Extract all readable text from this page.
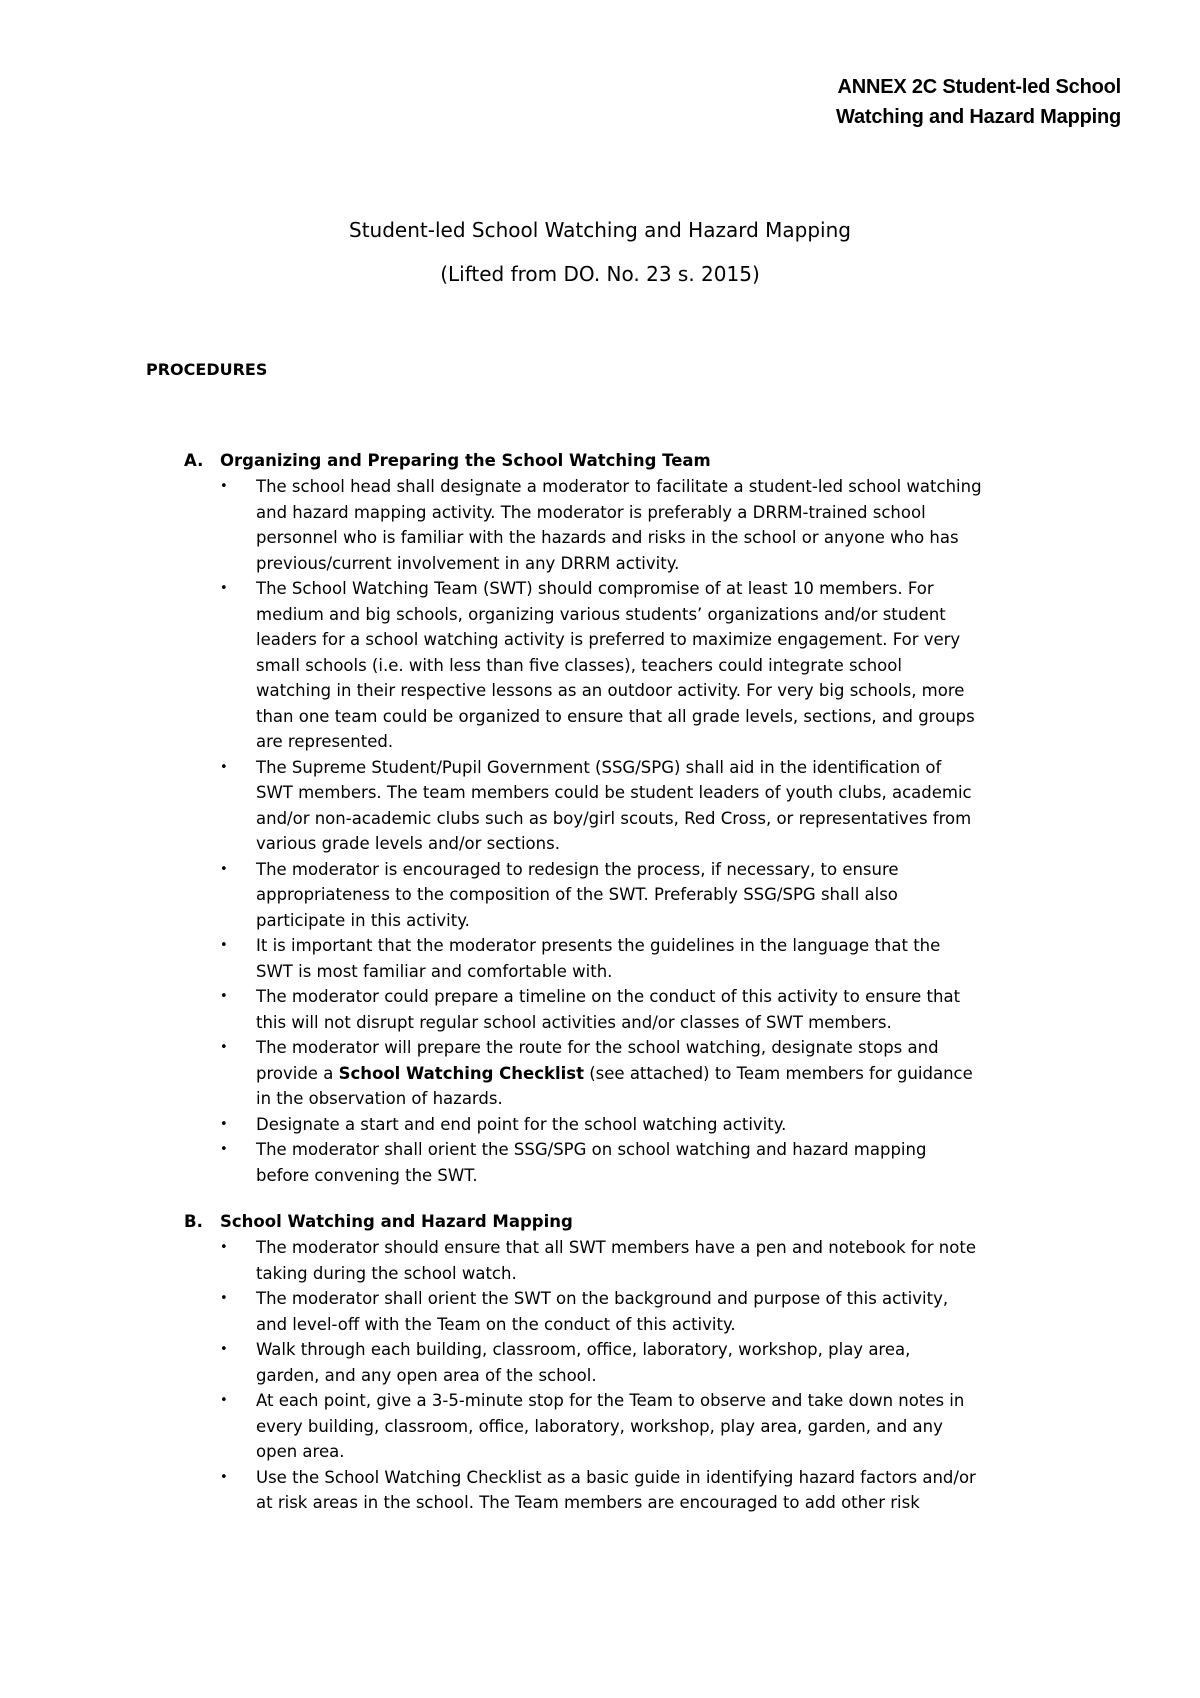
ANNEX 2C Student-led School
Watching and Hazard Mapping
Student-led School Watching and Hazard Mapping
(Lifted from DO. No. 23 s. 2015)
PROCEDURES
A.	Organizing and Preparing the School Watching Team
• The school head shall designate a moderator to facilitate a student-led school watching
and hazard mapping activity. The moderator is preferably a DRRM-trained school
personnel who is familiar with the hazards and risks in the school or anyone who has
previous/current involvement in any DRRM activity.
• The School Watching Team (SWT) should compromise of at least 10 members. For
medium and big schools, organizing various students’ organizations and/or student
leaders for a school watching activity is preferred to maximize engagement. For very
small schools (i.e. with less than five classes), teachers could integrate school
watching in their respective lessons as an outdoor activity. For very big schools, more
than one team could be organized to ensure that all grade levels, sections, and groups
are represented.
• The Supreme Student/Pupil Government (SSG/SPG) shall aid in the identification of
SWT members. The team members could be student leaders of youth clubs, academic
and/or non-academic clubs such as boy/girl scouts, Red Cross, or representatives from
various grade levels and/or sections.
• The moderator is encouraged to redesign the process, if necessary, to ensure
appropriateness to the composition of the SWT. Preferably SSG/SPG shall also
participate in this activity.
• It is important that the moderator presents the guidelines in the language that the
SWT is most familiar and comfortable with.
• The moderator could prepare a timeline on the conduct of this activity to ensure that
this will not disrupt regular school activities and/or classes of SWT members.
• The moderator will prepare the route for the school watching, designate stops and
provide a School Watching Checklist (see attached) to Team members for guidance
in the observation of hazards.
• Designate a start and end point for the school watching activity.
• The moderator shall orient the SSG/SPG on school watching and hazard mapping
before convening the SWT.
B.	School Watching and Hazard Mapping
• The moderator should ensure that all SWT members have a pen and notebook for note
taking during the school watch.
• The moderator shall orient the SWT on the background and purpose of this activity,
and level-off with the Team on the conduct of this activity.
• Walk through each building, classroom, office, laboratory, workshop, play area,
garden, and any open area of the school.
• At each point, give a 3-5-minute stop for the Team to observe and take down notes in
every building, classroom, office, laboratory, workshop, play area, garden, and any
open area.
• Use the School Watching Checklist as a basic guide in identifying hazard factors and/or
at risk areas in the school. The Team members are encouraged to add other risk
